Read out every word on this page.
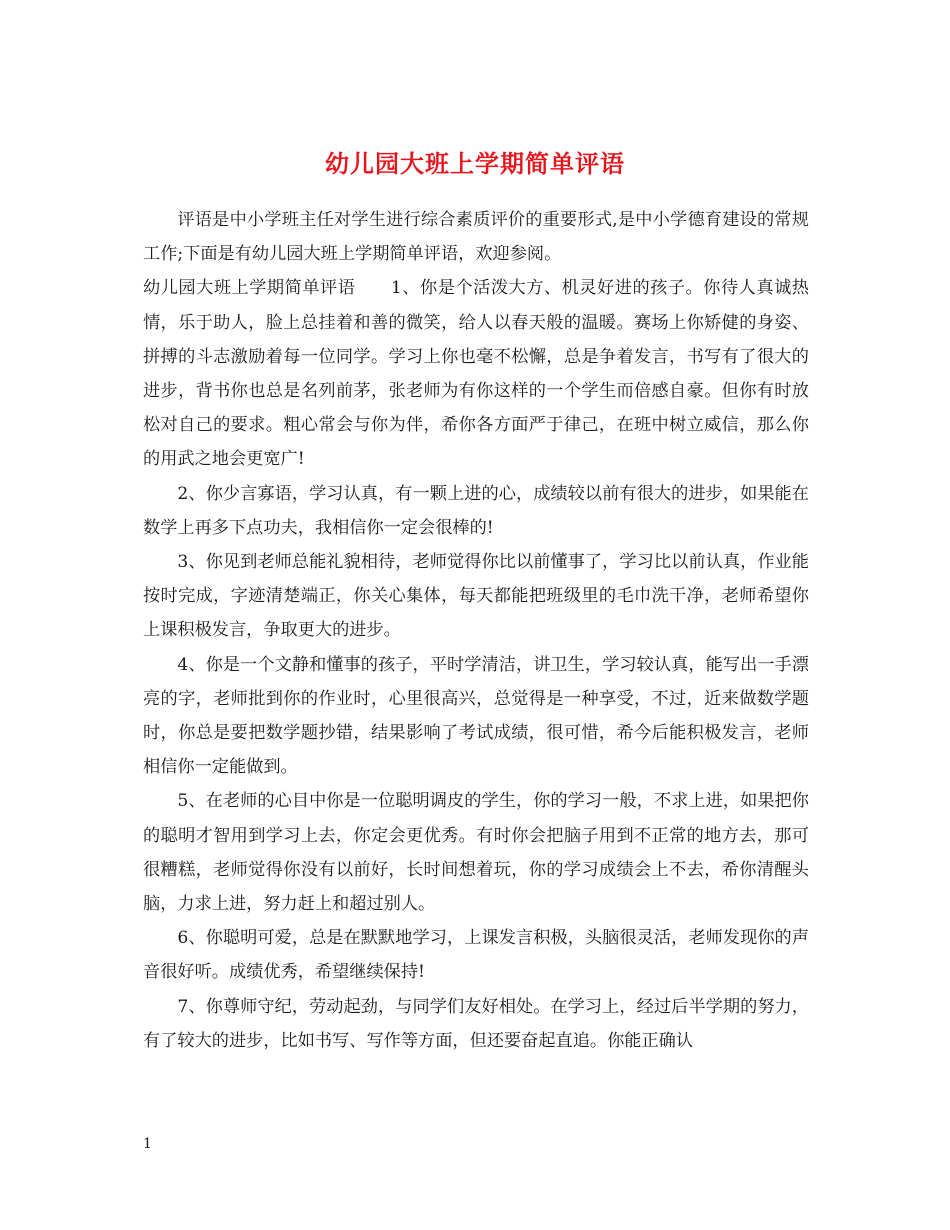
幼儿园大班上学期简单评语

评语是中小学班主任对学生进行综合素质评价的重要形式,是中小学德育建设的常规工作;下面是有幼儿园大班上学期简单评语，欢迎参阅。

幼儿园大班上学期简单评语　　1、你是个活泼大方、机灵好进的孩子。你待人真诚热情，乐于助人，脸上总挂着和善的微笑，给人以春天般的温暖。赛场上你矫健的身姿、拼搏的斗志激励着每一位同学。学习上你也毫不松懈，总是争着发言，书写有了很大的进步，背书你也总是名列前茅，张老师为有你这样的一个学生而倍感自豪。但你有时放松对自己的要求。粗心常会与你为伴，希你各方面严于律己，在班中树立威信，那么你的用武之地会更宽广!

2、你少言寡语，学习认真，有一颗上进的心，成绩较以前有很大的进步，如果能在数学上再多下点功夫，我相信你一定会很棒的!

3、你见到老师总能礼貌相待，老师觉得你比以前懂事了，学习比以前认真，作业能按时完成，字迹清楚端正，你关心集体，每天都能把班级里的毛巾洗干净，老师希望你上课积极发言，争取更大的进步。

4、你是一个文静和懂事的孩子，平时学清洁，讲卫生，学习较认真，能写出一手漂亮的字，老师批到你的作业时，心里很高兴，总觉得是一种享受，不过，近来做数学题时，你总是要把数学题抄错，结果影响了考试成绩，很可惜，希今后能积极发言，老师相信你一定能做到。

5、在老师的心目中你是一位聪明调皮的学生，你的学习一般，不求上进，如果把你的聪明才智用到学习上去，你定会更优秀。有时你会把脑子用到不正常的地方去，那可很糟糕，老师觉得你没有以前好，长时间想着玩，你的学习成绩会上不去，希你清醒头脑，力求上进，努力赶上和超过别人。

6、你聪明可爱，总是在默默地学习，上课发言积极，头脑很灵活，老师发现你的声音很好听。成绩优秀，希望继续保持!

7、你尊师守纪，劳动起劲，与同学们友好相处。在学习上，经过后半学期的努力，有了较大的进步，比如书写、写作等方面，但还要奋起直追。你能正确认

1
